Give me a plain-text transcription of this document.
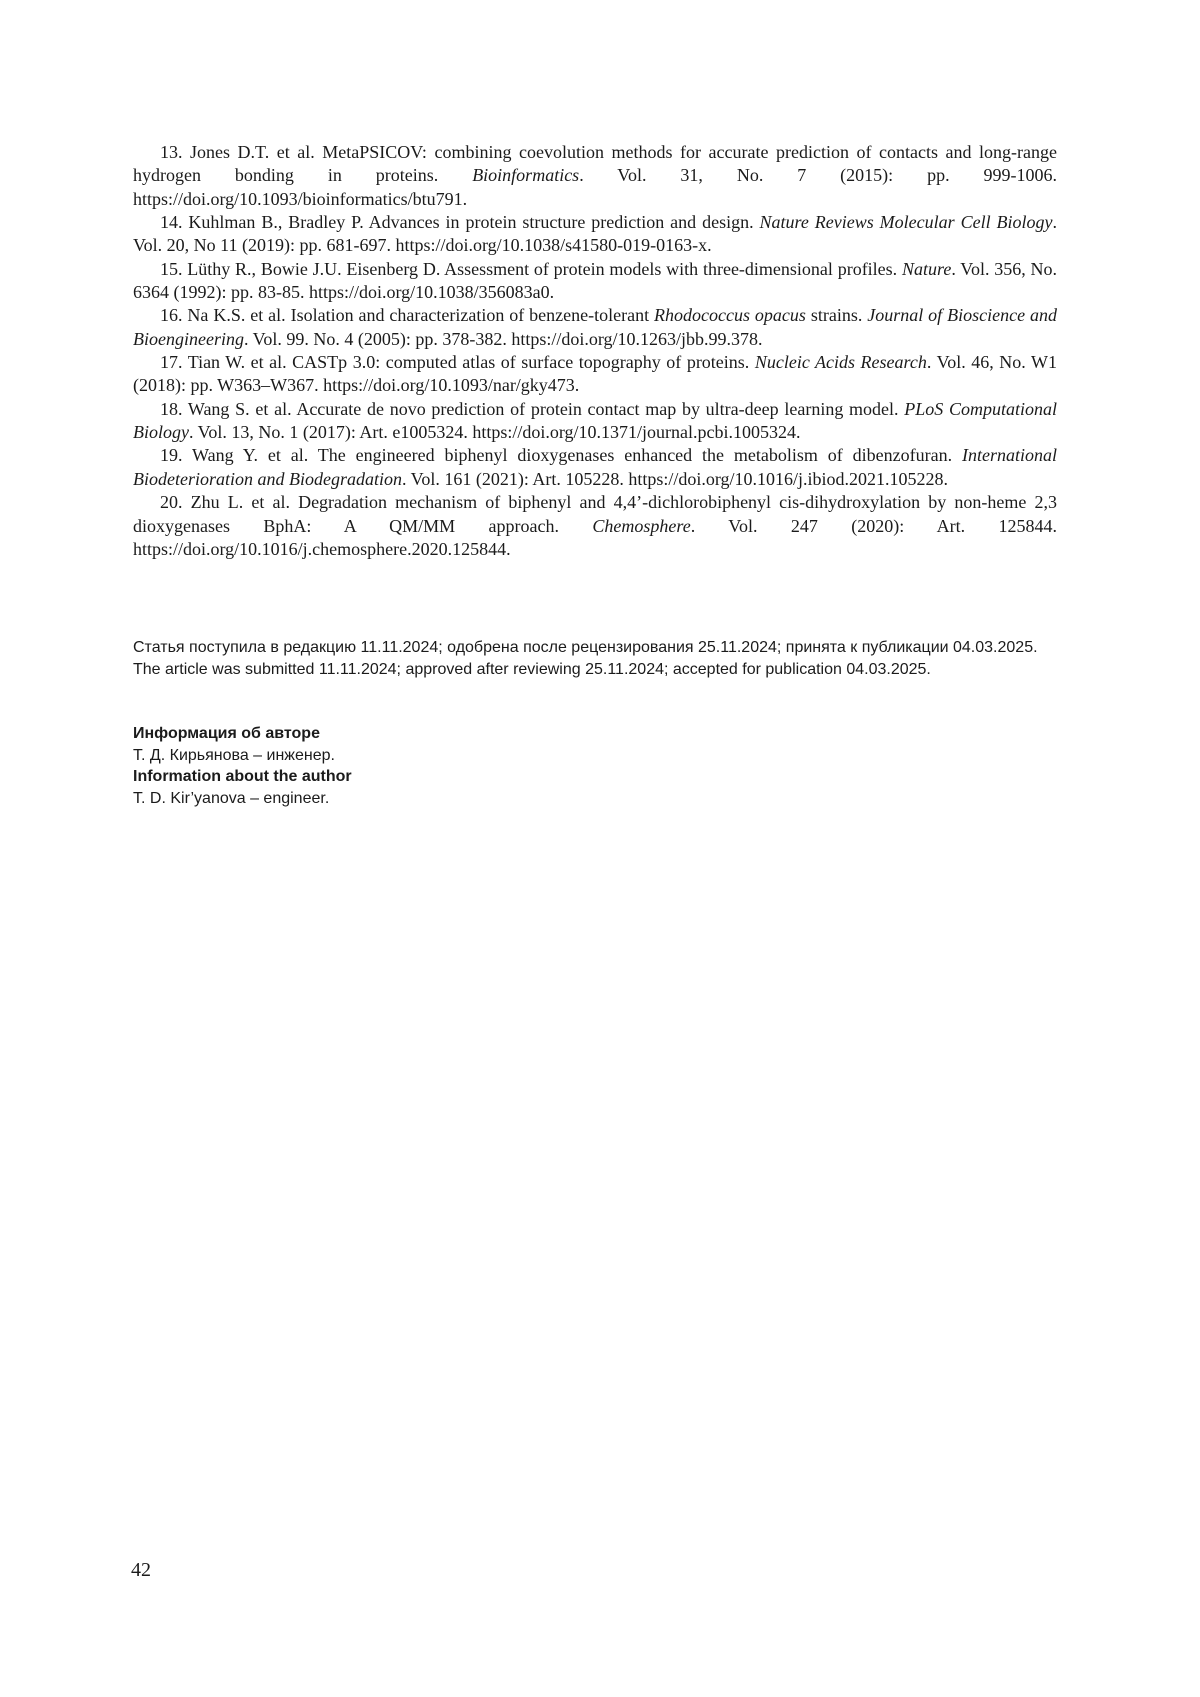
13. Jones D.T. et al. MetaPSICOV: combining coevolution methods for accurate prediction of contacts and long-range hydrogen bonding in proteins. Bioinformatics. Vol. 31, No. 7 (2015): pp. 999-1006. https://doi.org/10.1093/bioinformatics/btu791.

14. Kuhlman B., Bradley P. Advances in protein structure prediction and design. Nature Reviews Molecular Cell Biology. Vol. 20, No 11 (2019): pp. 681-697. https://doi.org/10.1038/s41580-019-0163-x.

15. Lüthy R., Bowie J.U. Eisenberg D. Assessment of protein models with three-dimensional profiles. Nature. Vol. 356, No. 6364 (1992): pp. 83-85. https://doi.org/10.1038/356083a0.

16. Na K.S. et al. Isolation and characterization of benzene-tolerant Rhodococcus opacus strains. Journal of Bioscience and Bioengineering. Vol. 99. No. 4 (2005): pp. 378-382. https://doi.org/10.1263/jbb.99.378.

17. Tian W. et al. CASTp 3.0: computed atlas of surface topography of proteins. Nucleic Acids Research. Vol. 46, No. W1 (2018): pp. W363–W367. https://doi.org/10.1093/nar/gky473.

18. Wang S. et al. Accurate de novo prediction of protein contact map by ultra-deep learning model. PLoS Computational Biology. Vol. 13, No. 1 (2017): Art. e1005324. https://doi.org/10.1371/journal.pcbi.1005324.

19. Wang Y. et al. The engineered biphenyl dioxygenases enhanced the metabolism of dibenzofuran. International Biodeterioration and Biodegradation. Vol. 161 (2021): Art. 105228. https://doi.org/10.1016/j.ibiod.2021.105228.

20. Zhu L. et al. Degradation mechanism of biphenyl and 4,4’-dichlorobiphenyl cis-dihydroxylation by non-heme 2,3 dioxygenases BphA: A QM/MM approach. Chemosphere. Vol. 247 (2020): Art. 125844. https://doi.org/10.1016/j.chemosphere.2020.125844.

Статья поступила в редакцию 11.11.2024; одобрена после рецензирования 25.11.2024; принята к публикации 04.03.2025.

The article was submitted 11.11.2024; approved after reviewing 25.11.2024; accepted for publication 04.03.2025.

Информация об авторе

Т. Д. Кирьянова – инженер.

Information about the author

T. D. Kir’yanova – engineer.

42
